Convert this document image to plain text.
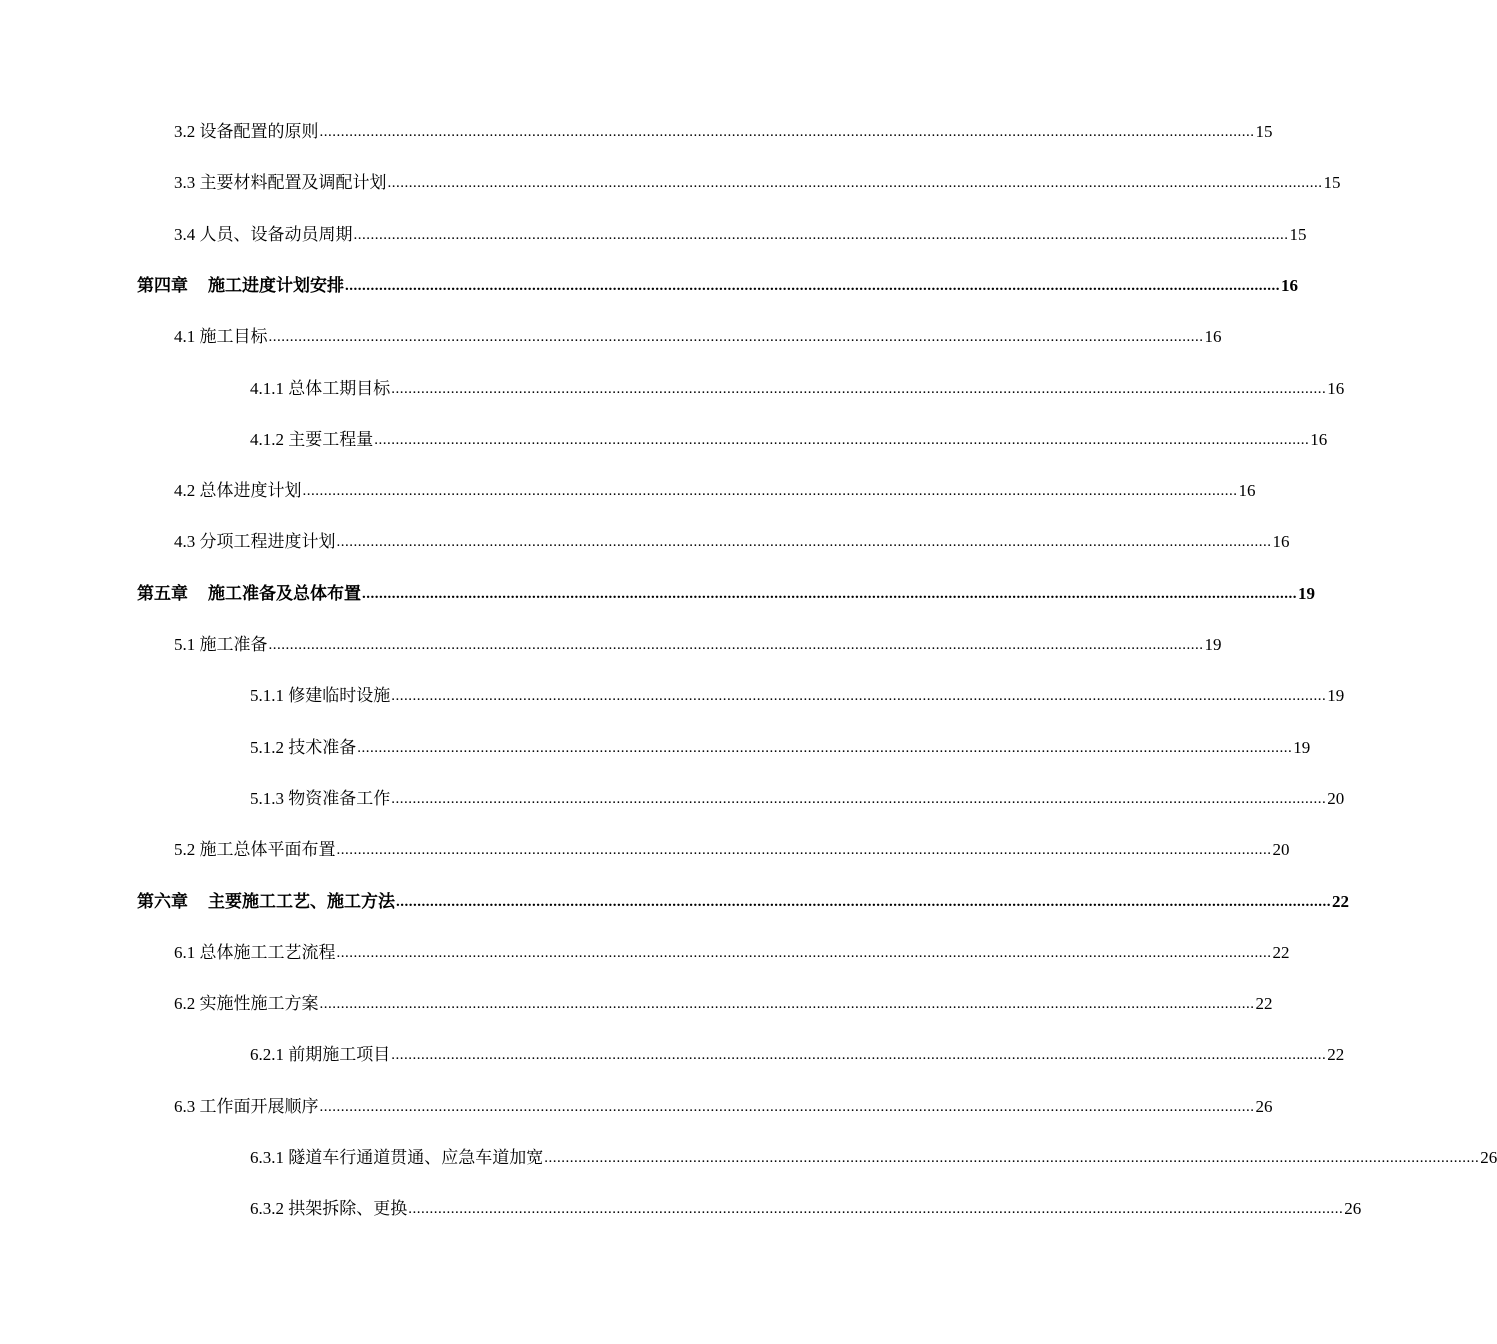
3.2 设备配置的原则 ............................................................................................................................................................................................................................ 15
3.3 主要材料配置及调配计划 ............................................................................................................................................................................................................................ 15
3.4 人员、设备动员周期 ............................................................................................................................................................................................................................ 15
第四章 施工进度计划安排 ............................................................................................................................................................................................................................ 16
4.1 施工目标 ............................................................................................................................................................................................................................ 16
4.1.1 总体工期目标 ............................................................................................................................................................................................................................ 16
4.1.2 主要工程量 ............................................................................................................................................................................................................................ 16
4.2 总体进度计划 ............................................................................................................................................................................................................................ 16
4.3 分项工程进度计划 ............................................................................................................................................................................................................................ 16
第五章 施工准备及总体布置 ............................................................................................................................................................................................................................ 19
5.1 施工准备 ............................................................................................................................................................................................................................ 19
5.1.1 修建临时设施 ............................................................................................................................................................................................................................ 19
5.1.2 技术准备 ............................................................................................................................................................................................................................ 19
5.1.3 物资准备工作 ............................................................................................................................................................................................................................ 20
5.2 施工总体平面布置 ............................................................................................................................................................................................................................ 20
第六章 主要施工工艺、施工方法 ............................................................................................................................................................................................................................ 22
6.1 总体施工工艺流程 ............................................................................................................................................................................................................................ 22
6.2 实施性施工方案 ............................................................................................................................................................................................................................ 22
6.2.1 前期施工项目 ............................................................................................................................................................................................................................ 22
6.3 工作面开展顺序 ............................................................................................................................................................................................................................ 26
6.3.1 隧道车行通道贯通、应急车道加宽 ............................................................................................................................................................................................................................ 26
6.3.2 拱架拆除、更换 ............................................................................................................................................................................................................................ 26
